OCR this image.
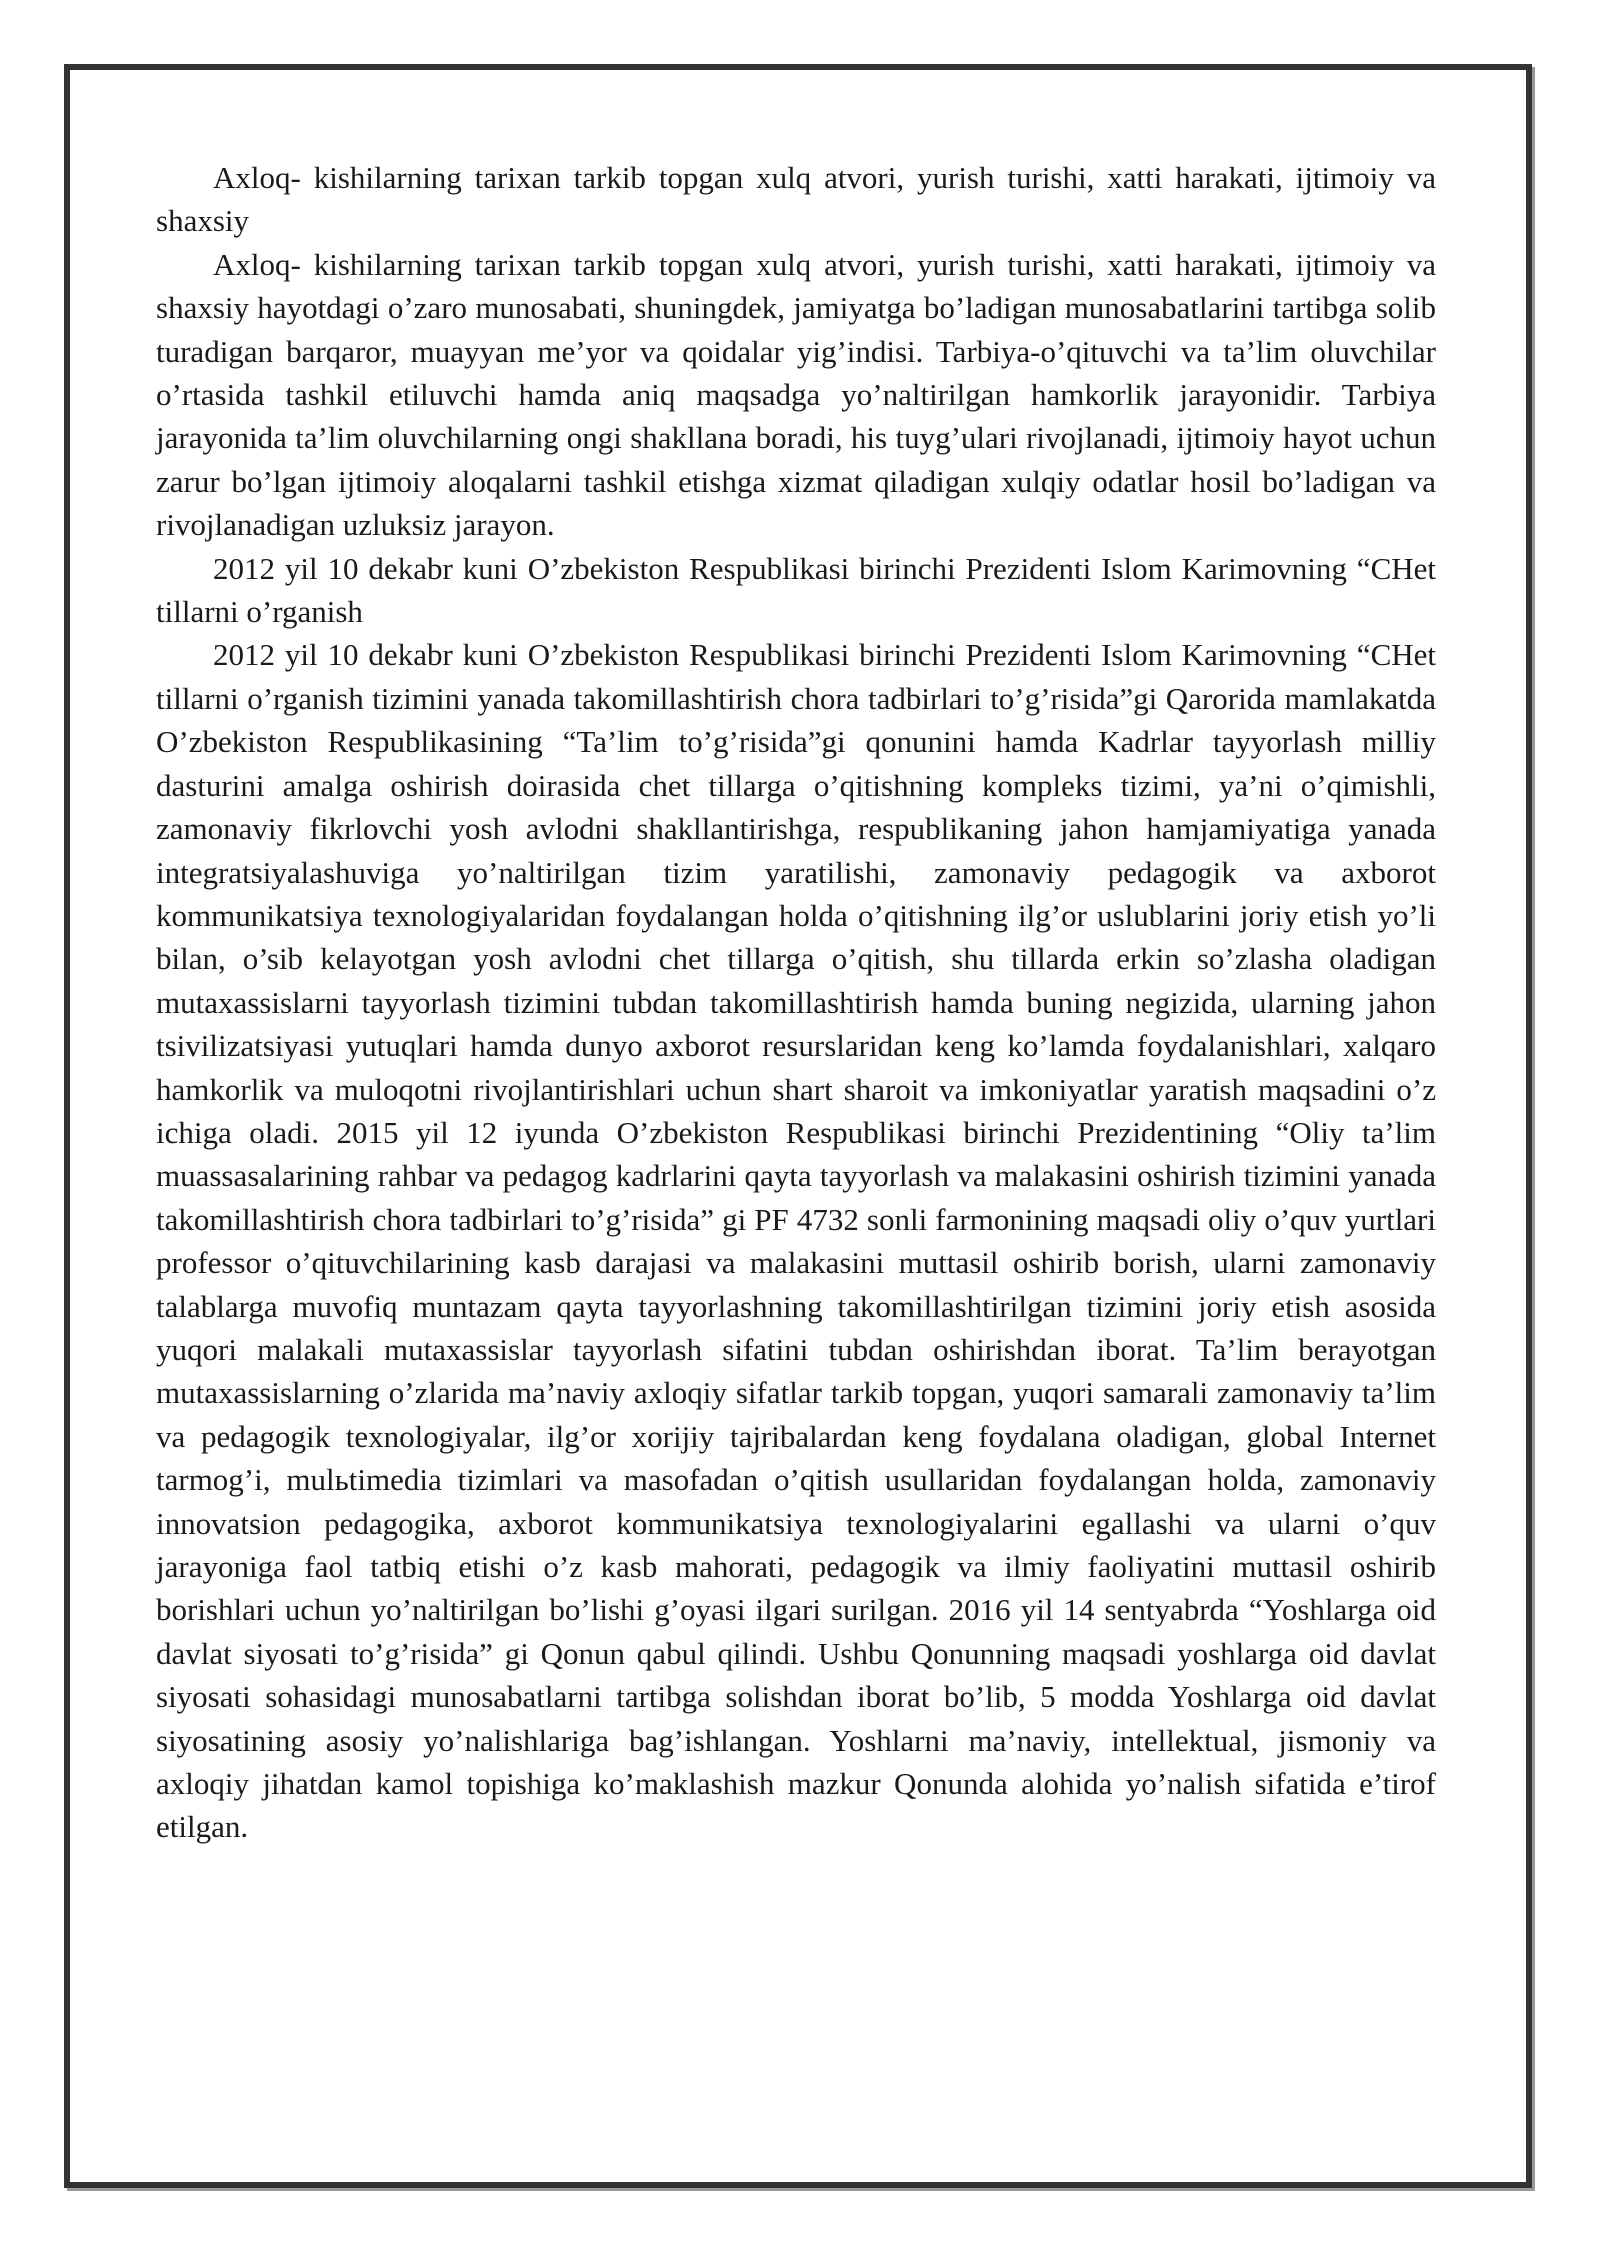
Axloq- kishilarning tarixan tarkib topgan xulq atvori, yurish turishi, xatti harakati, ijtimoiy va shaxsiy

Axloq- kishilarning tarixan tarkib topgan xulq atvori, yurish turishi, xatti harakati, ijtimoiy va shaxsiy hayotdagi o’zaro munosabati, shuningdek, jamiyatga bo’ladigan munosabatlarini tartibga solib turadigan barqaror, muayyan me’yor va qoidalar yig’indisi. Tarbiya-o’qituvchi va ta’lim oluvchilar o’rtasida tashkil etiluvchi hamda aniq maqsadga yo’naltirilgan hamkorlik jarayonidir. Tarbiya jarayonida ta’lim oluvchilarning ongi shakllana boradi, his tuyg’ulari rivojlanadi, ijtimoiy hayot uchun zarur bo’lgan ijtimoiy aloqalarni tashkil etishga xizmat qiladigan xulqiy odatlar hosil bo’ladigan va rivojlanadigan uzluksiz jarayon.

2012 yil 10 dekabr kuni O’zbekiston Respublikasi birinchi Prezidenti Islom Karimovning “CHet tillarni o’rganish

2012 yil 10 dekabr kuni O’zbekiston Respublikasi birinchi Prezidenti Islom Karimovning “CHet tillarni o’rganish tizimini yanada takomillashtirish chora tadbirlari to’g’risida”gi Qarorida mamlakatda O’zbekiston Respublikasining “Ta’lim to’g’risida”gi qonunini hamda Kadrlar tayyorlash milliy dasturini amalga oshirish doirasida chet tillarga o’qitishning kompleks tizimi, ya’ni o’qimishli, zamonaviy fikrlovchi yosh avlodni shakllantirishga, respublikaning jahon hamjamiyatiga yanada integratsiyalashuviga yo’naltirilgan tizim yaratilishi, zamonaviy pedagogik va axborot kommunikatsiya texnologiyalaridan foydalangan holda o’qitishning ilg’or uslublarini joriy etish yo’li bilan, o’sib kelayotgan yosh avlodni chet tillarga o’qitish, shu tillarda erkin so’zlasha oladigan mutaxassislarni tayyorlash tizimini tubdan takomillashtirish hamda buning negizida, ularning jahon tsivilizatsiyasi yutuqlari hamda dunyo axborot resurslaridan keng ko’lamda foydalanishlari, xalqaro hamkorlik va muloqotni rivojlantirishlari uchun shart sharoit va imkoniyatlar yaratish maqsadini o’z ichiga oladi. 2015 yil 12 iyunda O’zbekiston Respublikasi birinchi Prezidentining “Oliy ta’lim muassasalarining rahbar va pedagog kadrlarini qayta tayyorlash va malakasini oshirish tizimini yanada takomillashtirish chora tadbirlari to’g’risida” gi PF 4732 sonli farmonining maqsadi oliy o’quv yurtlari professor o’qituvchilarining kasb darajasi va malakasini muttasil oshirib borish, ularni zamonaviy talablarga muvofiq muntazam qayta tayyorlashning takomillashtirilgan tizimini joriy etish asosida yuqori malakali mutaxassislar tayyorlash sifatini tubdan oshirishdan iborat. Ta’lim berayotgan mutaxassislarning o’zlarida ma’naviy axloqiy sifatlar tarkib topgan, yuqori samarali zamonaviy ta’lim va pedagogik texnologiyalar, ilg’or xorijiy tajribalardan keng foydalana oladigan, global Internet tarmog’i, mulьtimedia tizimlari va masofadan o’qitish usullaridan foydalangan holda, zamonaviy innovatsion pedagogika, axborot kommunikatsiya texnologiyalarini egallashi va ularni o’quv jarayoniga faol tatbiq etishi o’z kasb mahorati, pedagogik va ilmiy faoliyatini muttasil oshirib borishlari uchun yo’naltirilgan bo’lishi g’oyasi ilgari surilgan. 2016 yil 14 sentyabrda “Yoshlarga oid davlat siyosati to’g’risida” gi Qonun qabul qilindi. Ushbu Qonunning maqsadi yoshlarga oid davlat siyosati sohasidagi munosabatlarni tartibga solishdan iborat bo’lib, 5 modda Yoshlarga oid davlat siyosatining asosiy yo’nalishlariga bag’ishlangan. Yoshlarni ma’naviy, intellektual, jismoniy va axloqiy jihatdan kamol topishiga ko’maklashish mazkur Qonunda alohida yo’nalish sifatida e’tirof etilgan.
